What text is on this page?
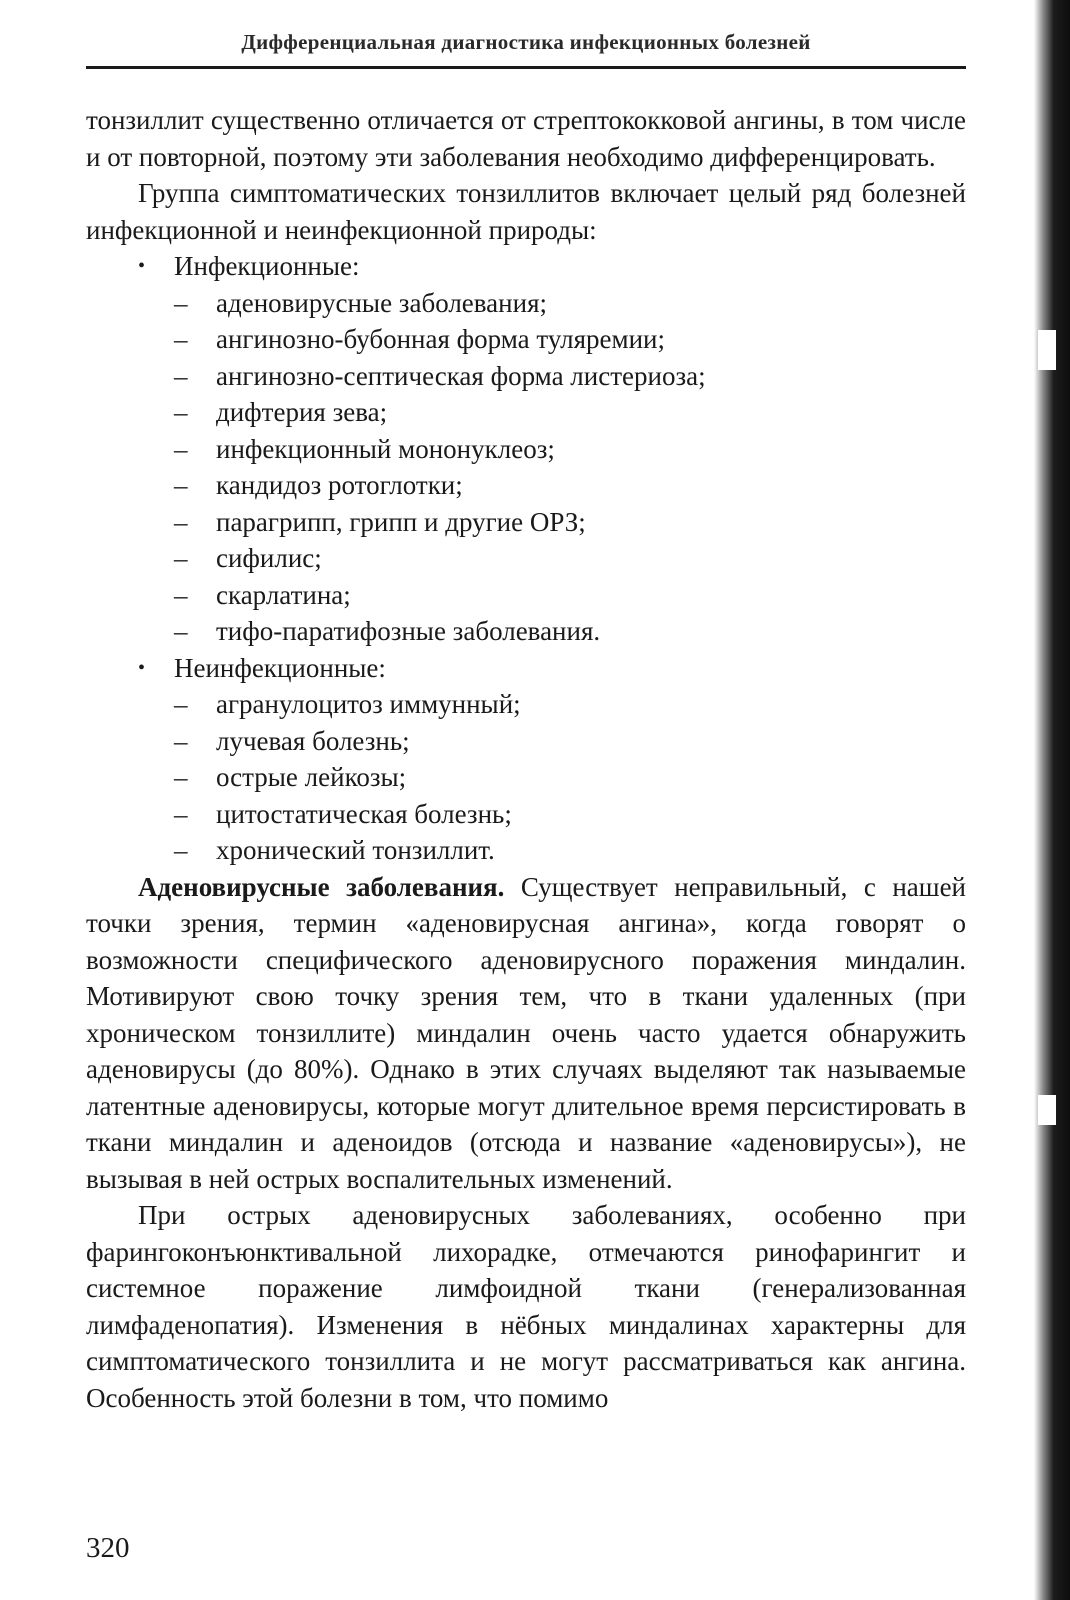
Дифференциальная диагностика инфекционных болезней

тонзиллит существенно отличается от стрептококковой ангины, в том числе и от повторной, поэтому эти заболевания необходимо дифференцировать.

Группа симптоматических тонзиллитов включает целый ряд болезней инфекционной и неинфекционной природы:

• Инфекционные:
– аденовирусные заболевания;
– ангинозно-бубонная форма туляремии;
– ангинозно-септическая форма листериоза;
– дифтерия зева;
– инфекционный мононуклеоз;
– кандидоз ротоглотки;
– парагрипп, грипп и другие ОРЗ;
– сифилис;
– скарлатина;
– тифо-паратифозные заболевания.
• Неинфекционные:
– агранулоцитоз иммунный;
– лучевая болезнь;
– острые лейкозы;
– цитостатическая болезнь;
– хронический тонзиллит.

Аденовирусные заболевания. Существует неправильный, с нашей точки зрения, термин «аденовирусная ангина», когда говорят о возможности специфического аденовирусного поражения миндалин. Мотивируют свою точку зрения тем, что в ткани удаленных (при хроническом тонзиллите) миндалин очень часто удается обнаружить аденовирусы (до 80%). Однако в этих случаях выделяют так называемые латентные аденовирусы, которые могут длительное время персистировать в ткани миндалин и аденоидов (отсюда и название «аденовирусы»), не вызывая в ней острых воспалительных изменений.

При острых аденовирусных заболеваниях, особенно при фарингоконъюнктивальной лихорадке, отмечаются ринофарингит и системное поражение лимфоидной ткани (генерализованная лимфаденопатия). Изменения в нёбных миндалинах характерны для симптоматического тонзиллита и не могут рассматриваться как ангина. Особенность этой болезни в том, что помимо

320
